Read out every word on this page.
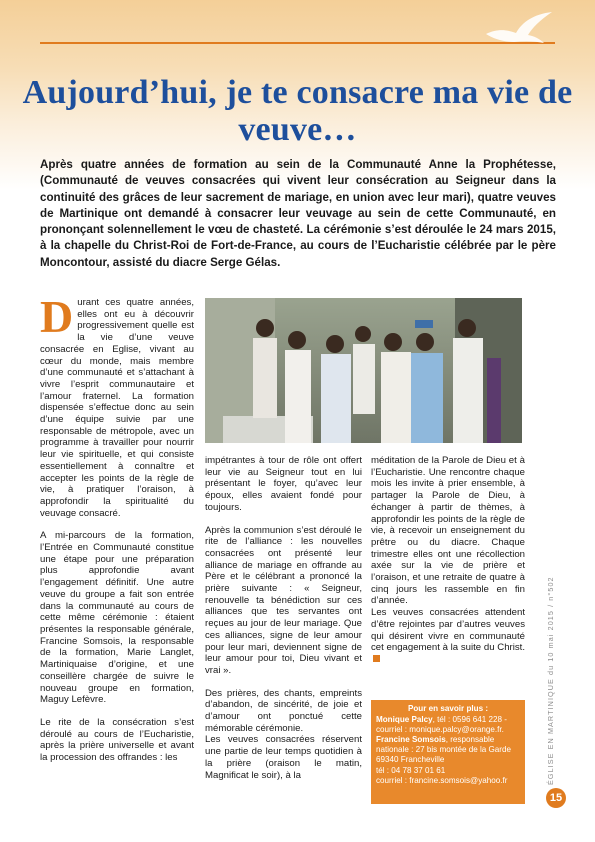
Aujourd’hui, je te consacre ma vie de veuve…

Après quatre années de formation au sein de la Communauté Anne la Prophétesse, (Communauté de veuves consacrées qui vivent leur consécration au Seigneur dans la continuité des grâces de leur sacrement de mariage, en union avec leur mari), quatre veuves de Martinique ont demandé à consacrer leur veuvage au sein de cette Communauté, en prononçant solennellement le vœu de chasteté. La cérémonie s’est déroulée le 24 mars 2015, à la chapelle du Christ-Roi de Fort-de-France, au cours de l’Eucharistie célébrée par le père Moncontour, assisté du diacre Serge Gélas.

Durant ces quatre années, elles ont eu à découvrir progressivement quelle est la vie d’une veuve consacrée en Eglise, vivant au cœur du monde, mais membre d’une communauté et s’attachant à vivre l’esprit communautaire et l’amour fraternel. La formation dispensée s’effectue donc au sein d’une équipe suivie par une responsable de métropole, avec un programme à travailler pour nourrir leur vie spirituelle, et qui consiste essentiellement à connaître et accepter les points de la règle de vie, à pratiquer l’oraison, à approfondir la spiritualité du veuvage consacré.

A mi-parcours de la formation, l’Entrée en Communauté constitue une étape pour une préparation plus approfondie avant l’engagement définitif. Une autre veuve du groupe a fait son entrée dans la communauté au cours de cette même cérémonie : étaient présentes la responsable générale, Francine Somsois, la responsable de la formation, Marie Langlet, Martiniquaise d’origine, et une conseillère chargée de suivre le nouveau groupe en formation, Maguy Lefèvre.

Le rite de la consécration s’est déroulé au cours de l’Eucharistie, après la prière universelle et avant la procession des offrandes : les

impétrantes à tour de rôle ont offert leur vie au Seigneur tout en lui présentant le foyer, qu’avec leur époux, elles avaient fondé pour toujours.

Après la communion s’est déroulé le rite de l’alliance : les nouvelles consacrées ont présenté leur alliance de mariage en offrande au Père et le célébrant a prononcé la prière suivante : « Seigneur, renouvelle ta bénédiction sur ces alliances que tes servantes ont reçues au jour de leur mariage. Que ces alliances, signe de leur amour pour leur mari, deviennent signe de leur amour pour toi, Dieu vivant et vrai ».

Des prières, des chants, empreints d’abandon, de sincérité, de joie et d’amour ont ponctué cette mémorable cérémonie.

Les veuves consacrées réservent une partie de leur temps quotidien à la prière (oraison le matin, Magnificat le soir), à la

méditation de la Parole de Dieu et à l’Eucharistie. Une rencontre chaque mois les invite à prier ensemble, à partager la Parole de Dieu, à échanger à partir de thèmes, à approfondir les points de la règle de vie, à recevoir un enseignement du prêtre ou du diacre. Chaque trimestre elles ont une récollection axée sur la vie de prière et l’oraison, et une retraite de quatre à cinq jours les rassemble en fin d’année.

Les veuves consacrées attendent d’être rejointes par d’autres veuves qui désirent vivre en communauté cet engagement à la suite du Christ.

Pour en savoir plus :
Monique Palcy, tél : 0596 641 228 -
courriel : monique.palcy@orange.fr.
Francine Somsois, responsable
nationale : 27 bis montée de la Garde
69340 Francheville
tél : 04 78 37 01 61
courriel : francine.somsois@yahoo.fr	ÉGLISE EN MARTINIQUE du 10 mai 2015 / n°502
15
